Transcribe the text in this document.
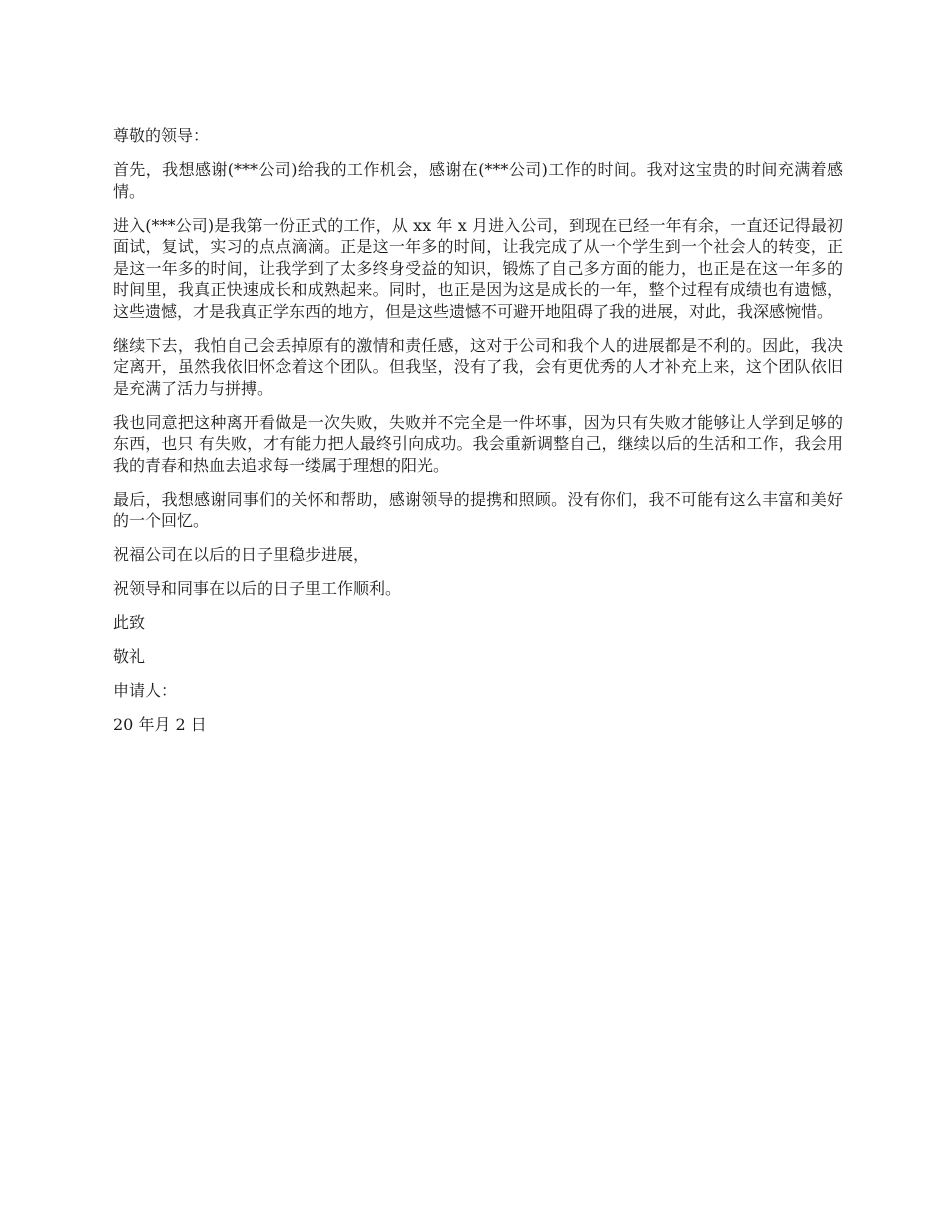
尊敬的领导：

首先，我想感谢(***公司)给我的工作机会，感谢在(***公司)工作的时间。我对这宝贵的时间充满着感情。

进入(***公司)是我第一份正式的工作，从 xx 年 x 月进入公司，到现在已经一年有余，一直还记得最初面试，复试，实习的点点滴滴。正是这一年多的时间，让我完成了从一个学生到一个社会人的转变，正是这一年多的时间，让我学到了太多终身受益的知识，锻炼了自己多方面的能力，也正是在这一年多的时间里，我真正快速成长和成熟起来。同时，也正是因为这是成长的一年，整个过程有成绩也有遗憾，这些遗憾，才是我真正学东西的地方，但是这些遗憾不可避开地阻碍了我的进展，对此，我深感惋惜。

继续下去，我怕自己会丢掉原有的激情和责任感，这对于公司和我个人的进展都是不利的。因此，我决定离开，虽然我依旧怀念着这个团队。但我坚，没有了我，会有更优秀的人才补充上来，这个团队依旧是充满了活力与拼搏。

我也同意把这种离开看做是一次失败，失败并不完全是一件坏事，因为只有失败才能够让人学到足够的东西，也只 有失败，才有能力把人最终引向成功。我会重新调整自己，继续以后的生活和工作，我会用我的青春和热血去追求每一缕属于理想的阳光。

最后，我想感谢同事们的关怀和帮助，感谢领导的提携和照顾。没有你们，我不可能有这么丰富和美好的一个回忆。

祝福公司在以后的日子里稳步进展，

祝领导和同事在以后的日子里工作顺利。

此致

敬礼

申请人：

20 年月 2 日
